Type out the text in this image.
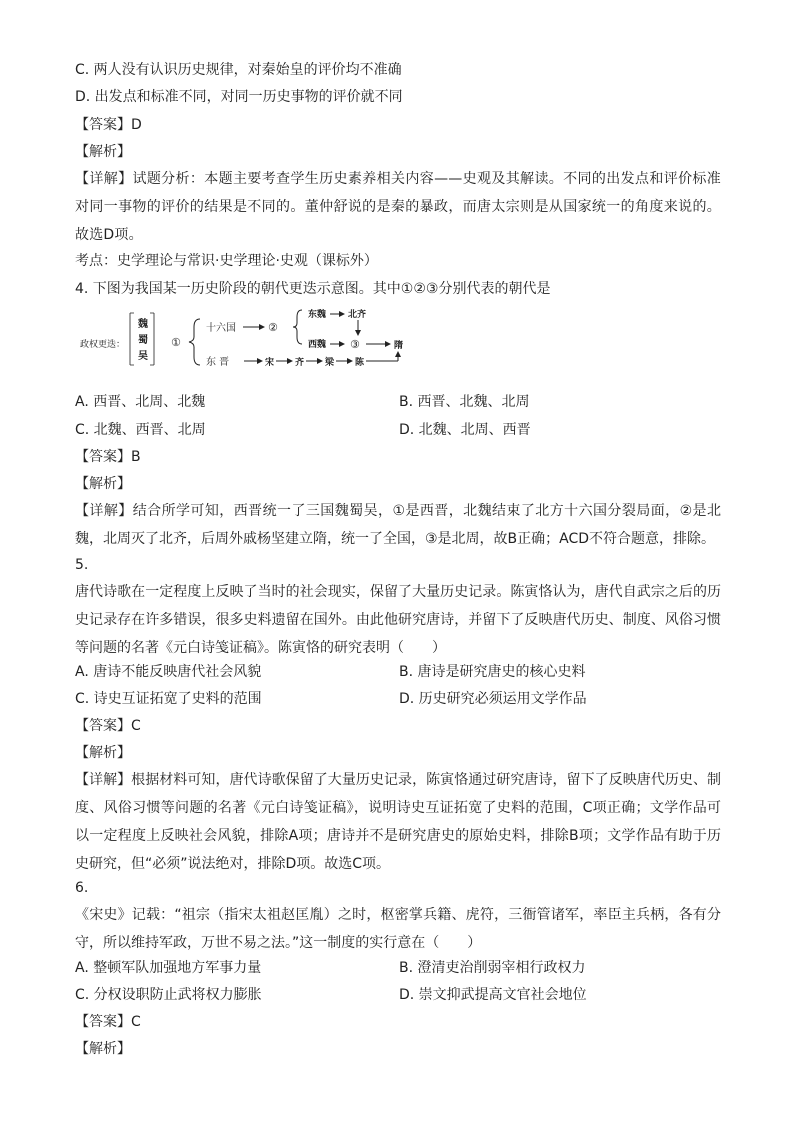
C. 两人没有认识历史规律，对秦始皇的评价均不准确
D. 出发点和标准不同，对同一历史事物的评价就不同
【答案】D
【解析】
【详解】试题分析：本题主要考查学生历史素养相关内容——史观及其解读。不同的出发点和评价标准对同一事物的评价的结果是不同的。董仲舒说的是秦的暴政，而唐太宗则是从国家统一的角度来说的。故选D项。
考点：史学理论与常识·史学理论·史观（课标外）
4. 下图为我国某一历史阶段的朝代更迭示意图。其中①②③分别代表的朝代是
政权更迭：
魏
蜀
吴
①
十六国	②
东魏 北齐
西魏 ③	隋
东 晋	宋 齐 梁 陈
A. 西晋、北周、北魏	B. 西晋、北魏、北周
C. 北魏、西晋、北周	D. 北魏、北周、西晋
【答案】B
【解析】
【详解】结合所学可知，西晋统一了三国魏蜀吴，①是西晋，北魏结束了北方十六国分裂局面，②是北魏，北周灭了北齐，后周外戚杨坚建立隋，统一了全国，③是北周，故B正确；ACD不符合题意，排除。
5.
唐代诗歌在一定程度上反映了当时的社会现实，保留了大量历史记录。陈寅恪认为，唐代自武宗之后的历史记录存在许多错误，很多史料遗留在国外。由此他研究唐诗，并留下了反映唐代历史、制度、风俗习惯等问题的名著《元白诗笺证稿》。陈寅恪的研究表明（　　）
A. 唐诗不能反映唐代社会风貌	B. 唐诗是研究唐史的核心史料
C. 诗史互证拓宽了史料的范围	D. 历史研究必须运用文学作品
【答案】C
【解析】
【详解】根据材料可知，唐代诗歌保留了大量历史记录，陈寅恪通过研究唐诗，留下了反映唐代历史、制度、风俗习惯等问题的名著《元白诗笺证稿》，说明诗史互证拓宽了史料的范围，C项正确；文学作品可以一定程度上反映社会风貌，排除A项；唐诗并不是研究唐史的原始史料，排除B项；文学作品有助于历史研究，但“必须”说法绝对，排除D项。故选C项。
6.
《宋史》记载：“祖宗（指宋太祖赵匡胤）之时，枢密掌兵籍、虎符，三衙管诸军，率臣主兵柄，各有分守，所以维持军政，万世不易之法。”这一制度的实行意在（　　）
A. 整顿军队加强地方军事力量	B. 澄清吏治削弱宰相行政权力
C. 分权设职防止武将权力膨胀	D. 崇文抑武提高文官社会地位
【答案】C
【解析】
